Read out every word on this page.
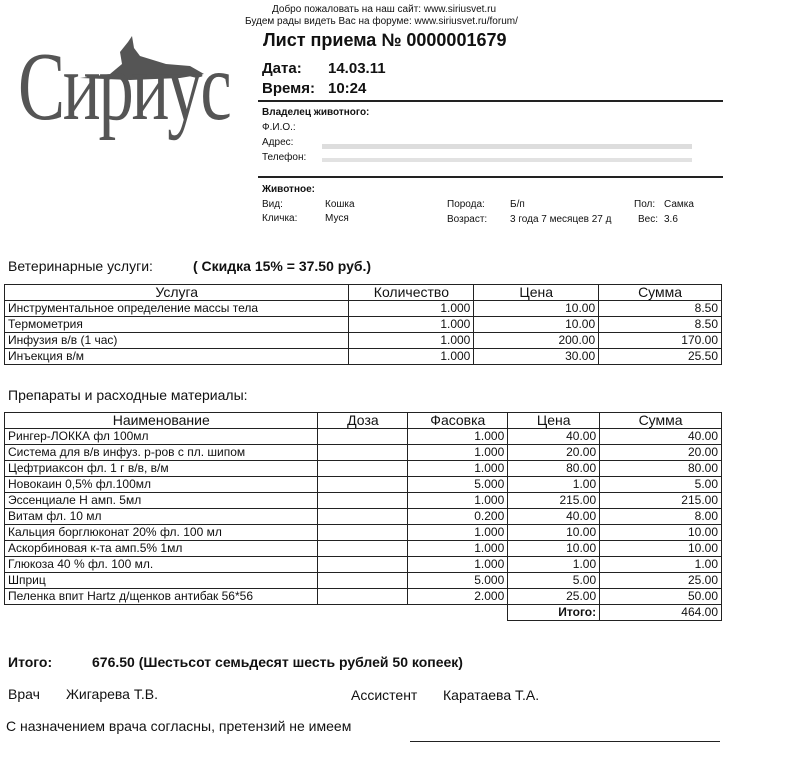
Добро пожаловать на наш сайт: www.siriusvet.ru
Будем рады видеть Вас на форуме: www.siriusvet.ru/forum/
Сириус Лист приема № 0000001679
Дата: 14.03.11
Время: 10:24
Владелец животного:
Ф.И.О.:
Адрес:
Телефон:
Животное:
Вид:	Кошка
Кличка:	Муся
Порода:	Б/п
Возраст: 3 года 7 месяцев 27 д
Пол: Самка
Вес: 3.6
Ветеринарные услуги:	( Скидка 15% = 37.50 руб.)
Услуга	Количество	Цена	Сумма
Инструментальное определение массы тела	1.000	10.00	8.50
Термометрия	1.000	10.00	8.50
Инфузия в/в (1 час)	1.000	200.00	170.00
Инъекция в/м	1.000	30.00	25.50
Препараты и расходные материалы:
Наименование	Доза	Фасовка	Цена	Сумма
Рингер-ЛОККА фл 100мл		1.000	40.00	40.00
Система для в/в инфуз. р-ров с пл. шипом		1.000	20.00	20.00
Цефтриаксон фл. 1 г в/в, в/м		1.000	80.00	80.00
Новокаин 0,5% фл.100мл		5.000	1.00	5.00
Эссенциале Н амп. 5мл		1.000	215.00	215.00
Витам фл. 10 мл		0.200	40.00	8.00
Кальция борглюконат 20% фл. 100 мл		1.000	10.00	10.00
Аскорбиновая к-та амп.5% 1мл		1.000	10.00	10.00
Глюкоза 40 % фл. 100 мл.		1.000	1.00	1.00
Шприц		5.000	5.00	25.00
Пеленка впит Hartz д/щенков антибак 56*56		2.000	25.00	50.00
			Итого:	464.00
Итого:	676.50 (Шестьсот семьдесят шесть рублей 50 копеек)
Врач Жигарева Т.В.	Ассистент Каратаева Т.А.
С назначением врача согласны, претензий не имеем
